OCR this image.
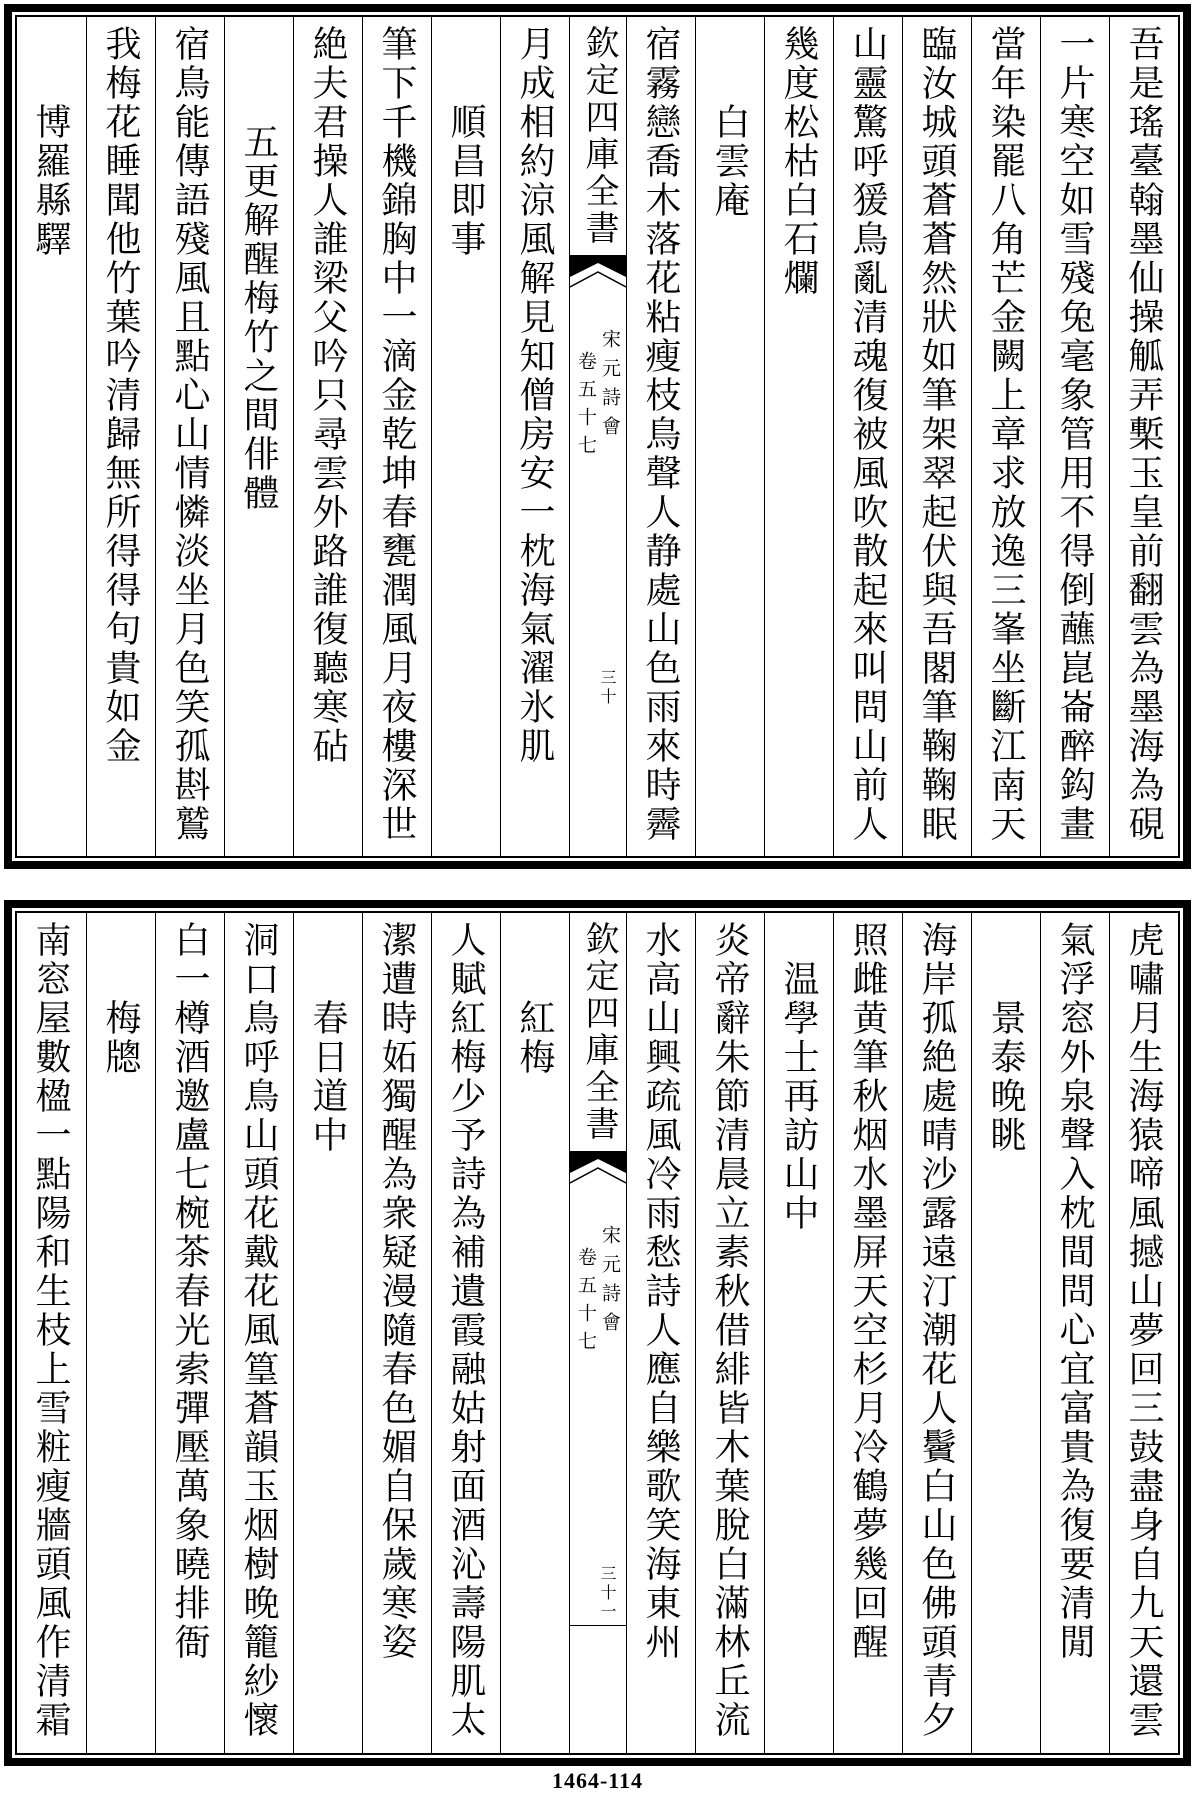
吾是瑤臺翰墨仙操觚弄槧玉皇前翻雲為墨海為硯
一片寒空如雪殘兔毫象管用不得倒蘸崑崙醉鈎畫
當年染罷八角芒金闕上章求放逸三峯坐斷江南天
臨汝城頭蒼蒼然狀如筆架翠起伏與吾閣筆鞠鞠眠
山靈驚呼猨鳥亂清魂復被風吹散起來叫問山前人
幾度松枯白石爛
白雲庵
宿霧戀喬木落花粘瘦枝鳥聲人静處山色雨來時霽
欽定四庫全書
宋元詩會
卷五十七
三十
月成相約涼風解見知僧房安一枕海氣濯氷肌
順昌即事
筆下千機錦胸中一滴金乾坤春甕潤風月夜樓深世
絶夫君操人誰梁父吟只尋雲外路誰復聽寒砧
五更解醒梅竹之間俳體
宿鳥能傳語殘風且點心山情憐淡坐月色笑孤斟鷲
我梅花睡聞他竹葉吟清歸無所得得句貴如金
博羅縣驛
虎嘯月生海猿啼風撼山夢回三鼓盡身自九天還雲
氣浮窓外泉聲入枕間問心宜富貴為復要清閒
景泰晚眺
海岸孤絶處晴沙露遠汀潮花人鬢白山色佛頭青夕
照雌黄筆秋烟水墨屏天空杉月冷鶴夢幾回醒
温學士再訪山中
炎帝辭朱節清晨立素秋借緋皆木葉脫白滿林丘流
水高山興疏風冷雨愁詩人應自樂歌笑海東州
欽定四庫全書
宋元詩會
卷五十七
三十一
紅梅
人賦紅梅少予詩為補遺霞融姑射面酒沁壽陽肌太
潔遭時妬獨醒為衆疑漫隨春色媚自保歲寒姿
春日道中
洞口鳥呼鳥山頭花戴花風篁蒼韻玉烟樹晚籠紗懷
白一樽酒邀盧七椀茶春光索彈壓萬象曉排衙
梅牕
南窓屋數楹一點陽和生枝上雪粧瘦牆頭風作清霜
1464-114
